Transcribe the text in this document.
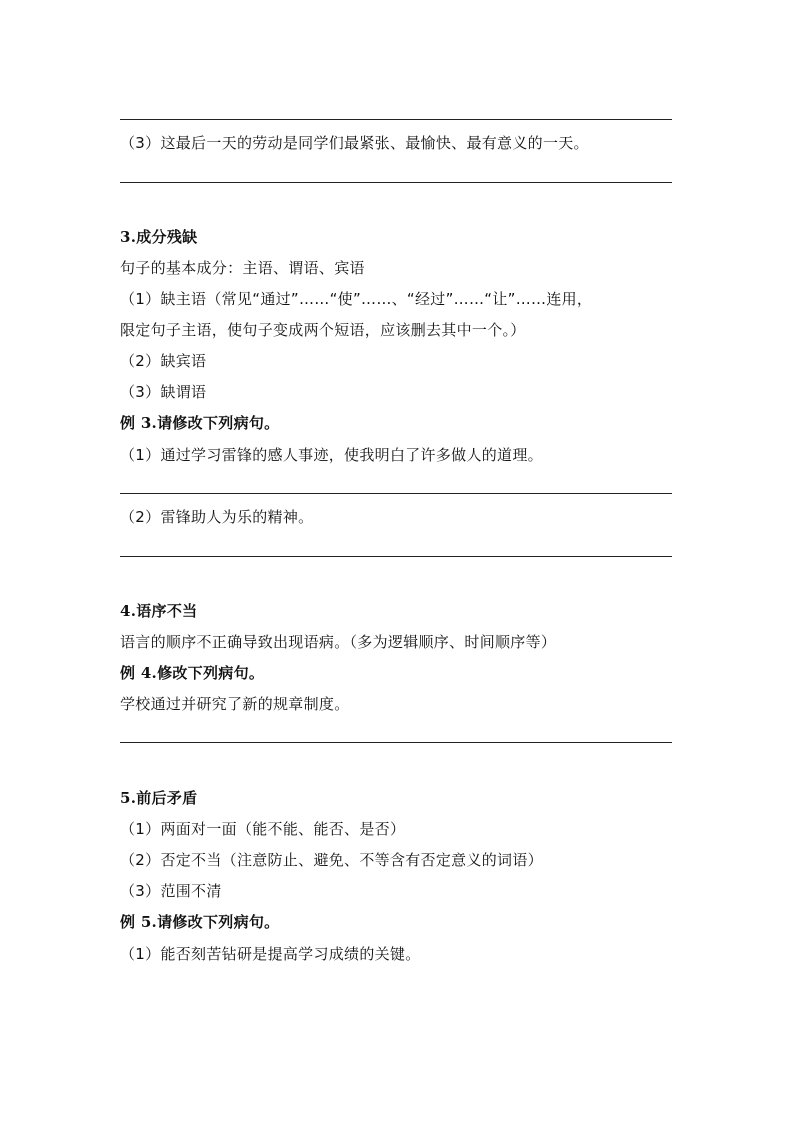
（3）这最后一天的劳动是同学们最紧张、最愉快、最有意义的一天。
3.成分残缺
句子的基本成分：主语、谓语、宾语
（1）缺主语（常见“通过”……“使”……、“经过”……“让”……连用，
限定句子主语，使句子变成两个短语，应该删去其中一个。）
（2）缺宾语
（3）缺谓语
例 3.请修改下列病句。
（1）通过学习雷锋的感人事迹，使我明白了许多做人的道理。
（2）雷锋助人为乐的精神。
4.语序不当
语言的顺序不正确导致出现语病。（多为逻辑顺序、时间顺序等）
例 4.修改下列病句。
学校通过并研究了新的规章制度。
5.前后矛盾
（1）两面对一面（能不能、能否、是否）
（2）否定不当（注意防止、避免、不等含有否定意义的词语）
（3）范围不清
例 5.请修改下列病句。
（1）能否刻苦钻研是提高学习成绩的关键。
